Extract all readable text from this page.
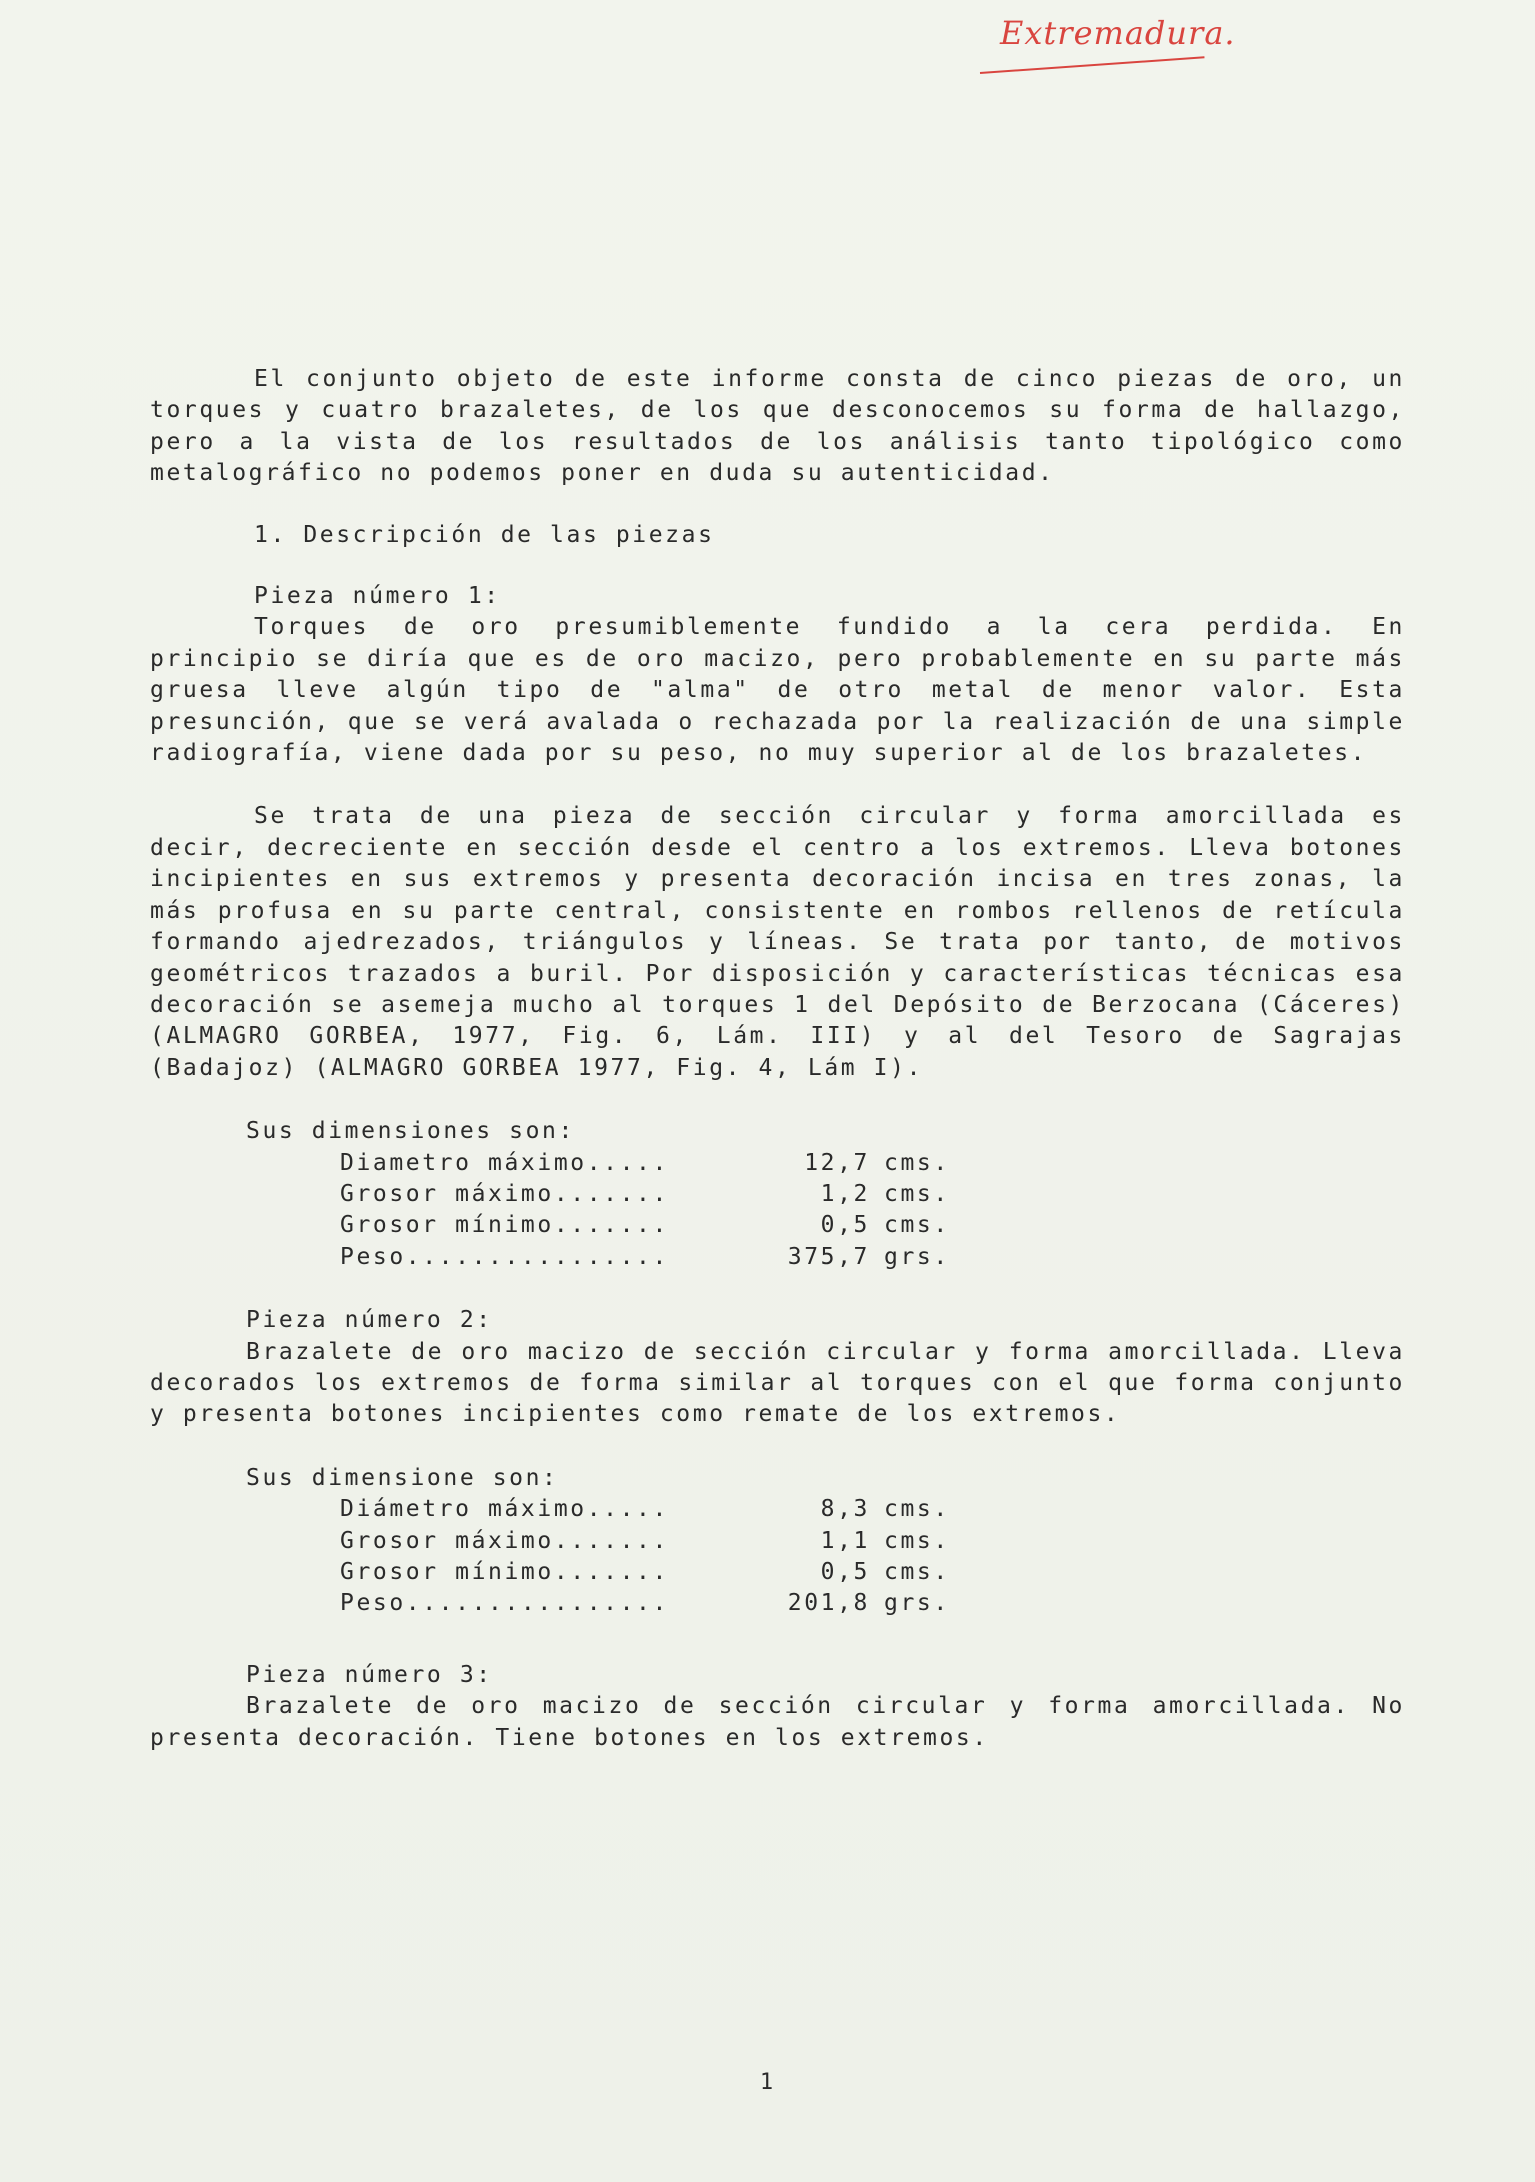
Extremadura.

El conjunto objeto de este informe consta de cinco piezas de oro, un torques y cuatro brazaletes, de los que desconocemos su forma de hallazgo, pero a la vista de los resultados de los análisis tanto tipológico como metalográfico no podemos poner en duda su autenticidad.

1. Descripción de las piezas
Pieza número 1:

Torques de oro presumiblemente fundido a la cera perdida. En principio se diría que es de oro macizo, pero probablemente en su parte más gruesa lleve algún tipo de "alma" de otro metal de menor valor. Esta presunción, que se verá avalada o rechazada por la realización de una simple radiografía, viene dada por su peso, no muy superior al de los brazaletes.

Se trata de una pieza de sección circular y forma amorcillada es decir, decreciente en sección desde el centro a los extremos. Lleva botones incipientes en sus extremos y presenta decoración incisa en tres zonas, la más profusa en su parte central, consistente en rombos rellenos de retícula formando ajedrezados, triángulos y líneas. Se trata por tanto, de motivos geométricos trazados a buril. Por disposición y características técnicas esa decoración se asemeja mucho al torques 1 del Depósito de Berzocana (Cáceres) (ALMAGRO GORBEA, 1977, Fig. 6, Lám. III) y al del Tesoro de Sagrajas (Badajoz) (ALMAGRO GORBEA 1977, Fig. 4, Lám I).

Sus dimensiones son:
Diametro máximo.....	12,7 cms.
Grosor máximo.......	1,2 cms.
Grosor mínimo.......	0,5 cms.
Peso................	375,7 grs.
Pieza número 2:

Brazalete de oro macizo de sección circular y forma amorcillada. Lleva decorados los extremos de forma similar al torques con el que forma conjunto y presenta botones incipientes como remate de los extremos.

Sus dimensione son:
Diámetro máximo.....	8,3 cms.
Grosor máximo.......	1,1 cms.
Grosor mínimo.......	0,5 cms.
Peso................	201,8 grs.
Pieza número 3:

Brazalete de oro macizo de sección circular y forma amorcillada. No presenta decoración. Tiene botones en los extremos.

1
